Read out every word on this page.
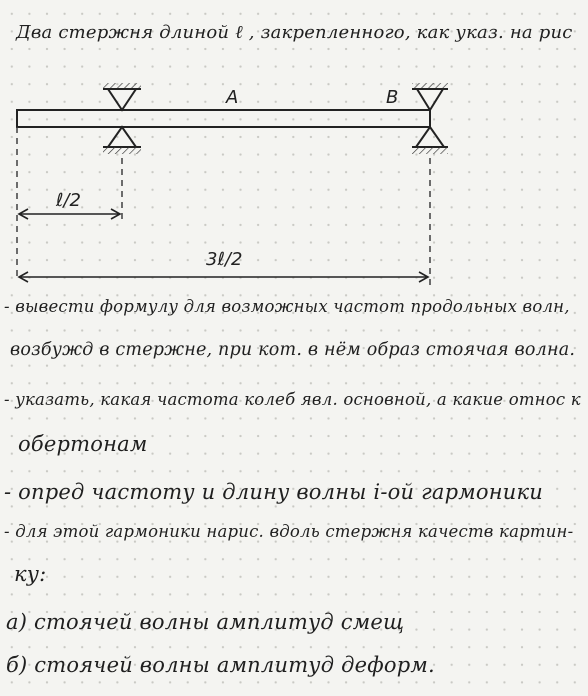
Два стержня длиной ℓ , закрепленного, как указ. на рис
A	B
ℓ/2
3ℓ/2
- вывести формулу для возможных частот продольных волн,
возбужд в стержне, при кот. в нём образ стоячая волна.
- указать, какая частота колеб явл. основной, а какие относ к
обертонам
- опред частоту и длину волны i-ой гармоники
- для этой гармоники нарис. вдоль стержня качеств картин-
ку:
а) стоячей волны амплитуд смещ
б) стоячей волны амплитуд деформ.
